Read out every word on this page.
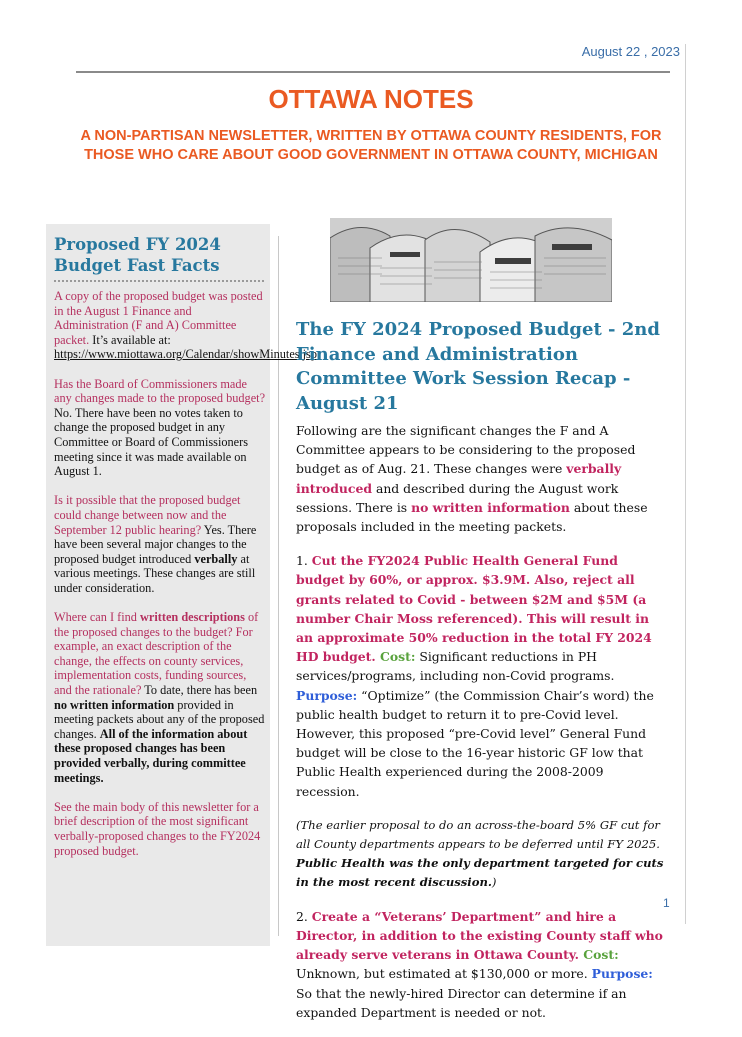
August 22 , 2023
OTTAWA NOTES
A NON-PARTISAN NEWSLETTER, WRITTEN BY OTTAWA COUNTY RESIDENTS, FOR THOSE WHO CARE ABOUT GOOD GOVERNMENT IN OTTAWA COUNTY, MICHIGAN
Proposed FY 2024 Budget Fast Facts

A copy of the proposed budget was posted in the August 1 Finance and Administration (F and A) Committee packet. It’s available at: https://www.miottawa.org/Calendar/showMinutes.jsp

Has the Board of Commissioners made any changes made to the proposed budget? No. There have been no votes taken to change the proposed budget in any Committee or Board of Commissioners meeting since it was made available on August 1.

Is it possible that the proposed budget could change between now and the September 12 public hearing? Yes. There have been several major changes to the proposed budget introduced verbally at various meetings. These changes are still under consideration.

Where can I find written descriptions of the proposed changes to the budget? For example, an exact description of the change, the effects on county services, implementation costs, funding sources, and the rationale? To date, there has been no written information provided in meeting packets about any of the proposed changes. All of the information about these proposed changes has been provided verbally, during committee meetings.

See the main body of this newsletter for a brief description of the most significant verbally-proposed changes to the FY2024 proposed budget.

The FY 2024 Proposed Budget - 2nd Finance and Administration Committee Work Session Recap - August 21

Following are the significant changes the F and A Committee appears to be considering to the proposed budget as of Aug. 21. These changes were verbally introduced and described during the August work sessions. There is no written information about these proposals included in the meeting packets.

1. Cut the FY2024 Public Health General Fund budget by 60%, or approx. $3.9M. Also, reject all grants related to Covid - between $2M and $5M (a number Chair Moss referenced). This will result in an approximate 50% reduction in the total FY 2024 HD budget. Cost: Significant reductions in PH services/programs, including non-Covid programs. Purpose: “Optimize” (the Commission Chair’s word) the public health budget to return it to pre-Covid level. However, this proposed “pre-Covid level” General Fund budget will be close to the 16-year historic GF low that Public Health experienced during the 2008-2009 recession.

(The earlier proposal to do an across-the-board 5% GF cut for all County departments appears to be deferred until FY 2025. Public Health was the only department targeted for cuts in the most recent discussion.)

2. Create a “Veterans’ Department” and hire a Director, in addition to the existing County staff who already serve veterans in Ottawa County. Cost: Unknown, but estimated at $130,000 or more. Purpose: So that the newly-hired Director can determine if an expanded Department is needed or not.

1
